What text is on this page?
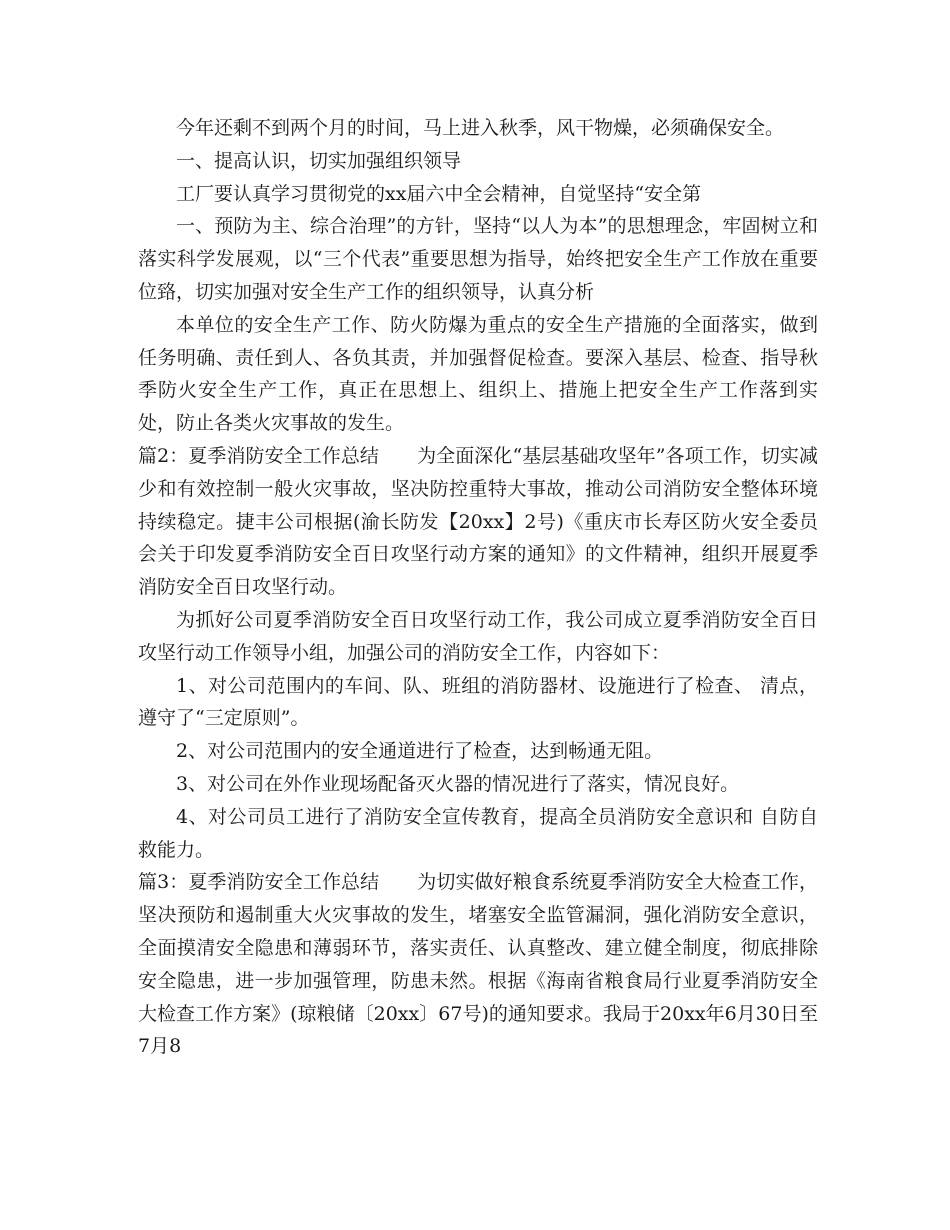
今年还剩不到两个月的时间，马上进入秋季，风干物燥，必须确保安全。

一、提高认识，切实加强组织领导

工厂要认真学习贯彻党的xx届六中全会精神，自觉坚持“安全第

一、预防为主、综合治理”的方针，坚持“以人为本”的思想理念，牢固树立和落实科学发展观，以“三个代表”重要思想为指导，始终把安全生产工作放在重要位臵，切实加强对安全生产工作的组织领导，认真分析

本单位的安全生产工作、防火防爆为重点的安全生产措施的全面落实，做到任务明确、责任到人、各负其责，并加强督促检查。要深入基层、检查、指导秋季防火安全生产工作，真正在思想上、组织上、措施上把安全生产工作落到实处，防止各类火灾事故的发生。

篇2：夏季消防安全工作总结 为全面深化“基层基础攻坚年”各项工作，切实减少和有效控制一般火灾事故，坚决防控重特大事故，推动公司消防安全整体环境持续稳定。捷丰公司根据(渝长防发【20xx】2号)《重庆市长寿区防火安全委员会关于印发夏季消防安全百日攻坚行动方案的通知》的文件精神，组织开展夏季消防安全百日攻坚行动。

为抓好公司夏季消防安全百日攻坚行动工作，我公司成立夏季消防安全百日攻坚行动工作领导小组，加强公司的消防安全工作，内容如下：

1、对公司范围内的车间、队、班组的消防器材、设施进行了检查、 清点，遵守了“三定原则”。

2、对公司范围内的安全通道进行了检查，达到畅通无阻。

3、对公司在外作业现场配备灭火器的情况进行了落实，情况良好。

4、对公司员工进行了消防安全宣传教育，提高全员消防安全意识和 自防自救能力。

篇3：夏季消防安全工作总结 为切实做好粮食系统夏季消防安全大检查工作，坚决预防和遏制重大火灾事故的发生，堵塞安全监管漏洞，强化消防安全意识，全面摸清安全隐患和薄弱环节，落实责任、认真整改、建立健全制度，彻底排除安全隐患，进一步加强管理，防患未然。根据《海南省粮食局行业夏季消防安全大检查工作方案》(琼粮储〔20xx〕67号)的通知要求。我局于20xx年6月30日至7月8
